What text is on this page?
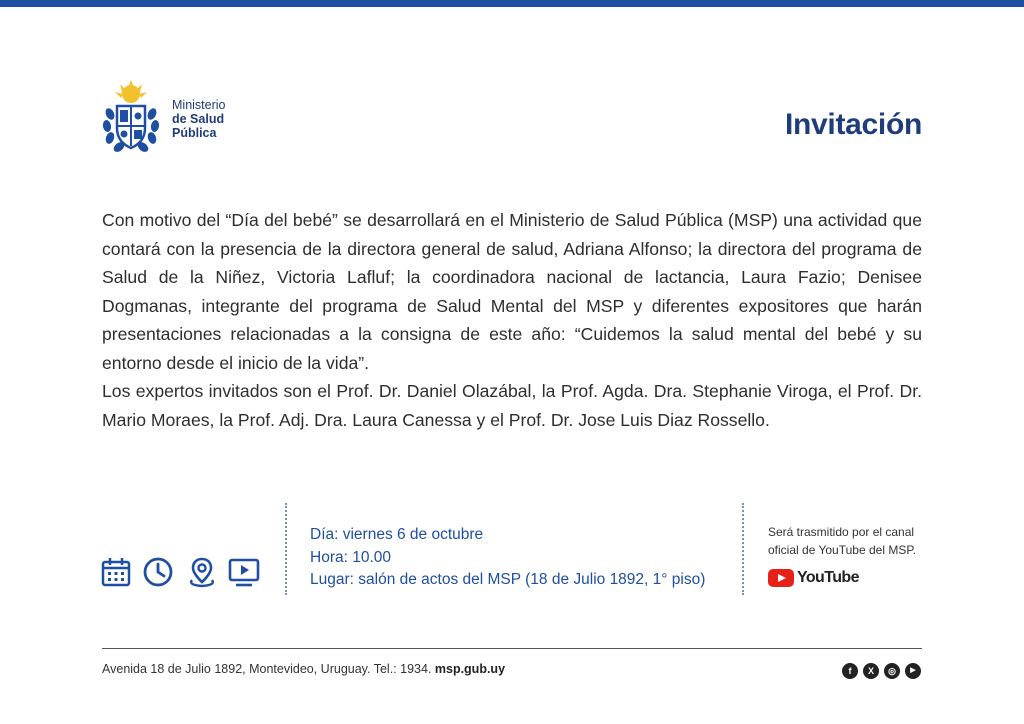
Ministerio
de Salud
Pública	Invitación

Con motivo del “Día del bebé” se desarrollará en el Ministerio de Salud Pública (MSP) una actividad que contará con la presencia de la directora general de salud, Adriana Alfonso; la directora del programa de Salud de la Niñez, Victoria Lafluf; la coordinadora nacional de lactancia, Laura Fazio; Denisee Dogmanas, integrante del programa de Salud Mental del MSP y diferentes expositores que harán presentaciones relacionadas a la consigna de este año: “Cuidemos la salud mental del bebé y su entorno desde el inicio de la vida”.

Los expertos invitados son el Prof. Dr. Daniel Olazábal, la Prof. Agda. Dra. Stephanie Viroga, el Prof. Dr. Mario Moraes, la Prof. Adj. Dra. Laura Canessa y el Prof. Dr. Jose Luis Diaz Rossello.

Día: viernes 6 de octubre
Hora: 10.00
Lugar: salón de actos del MSP (18 de Julio 1892, 1° piso)
Será trasmitido por el canal
oficial de YouTube del MSP.
YouTube
Avenida 18 de Julio 1892, Montevideo, Uruguay. Tel.: 1934. msp.gub.uy	f	X	◎	▶
